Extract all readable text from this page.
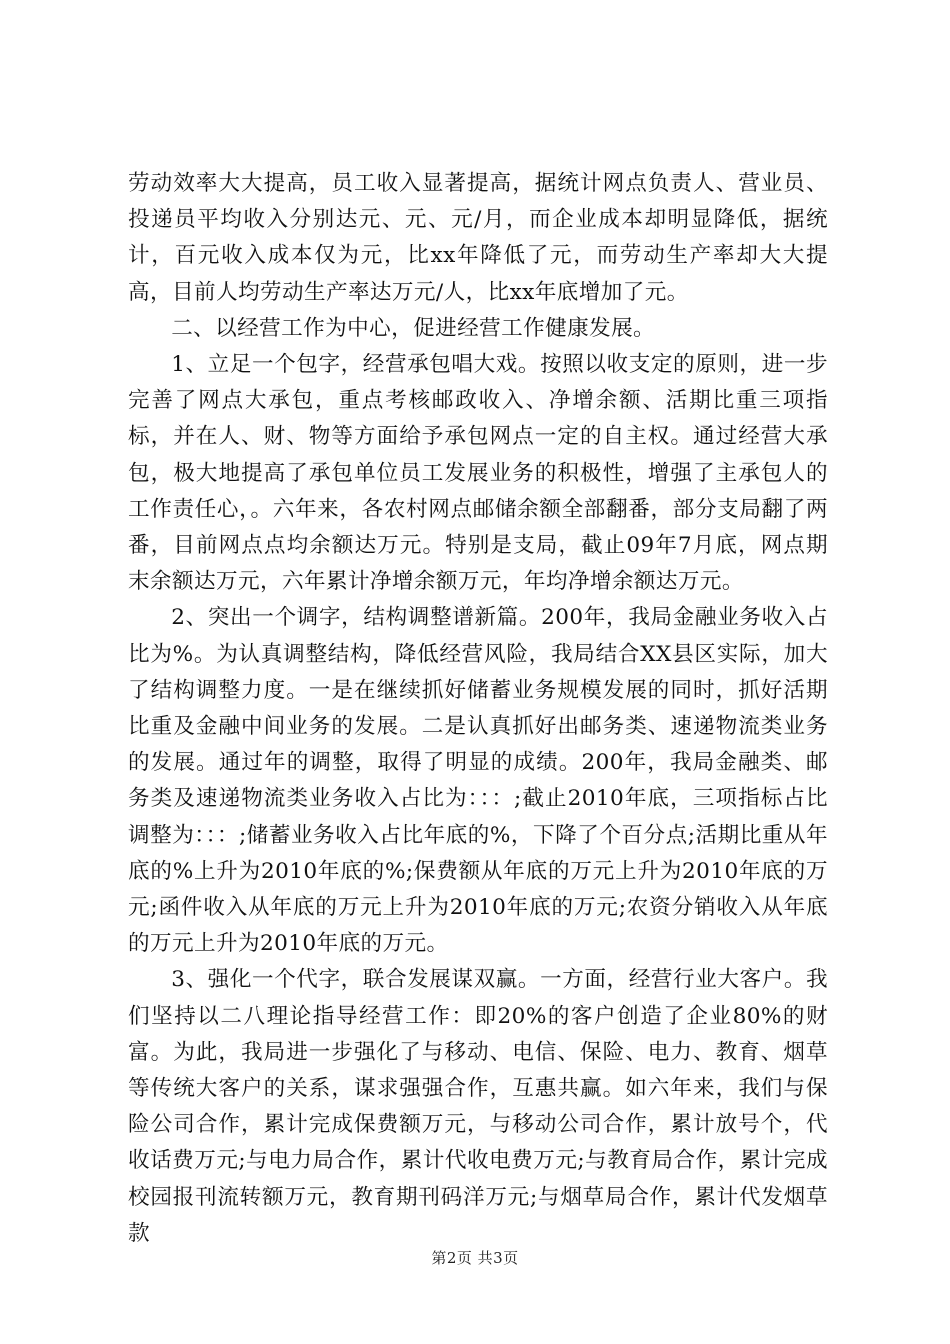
劳动效率大大提高，员工收入显著提高，据统计网点负责人、营业员、投递员平均收入分别达元、元、元/月，而企业成本却明显降低，据统计，百元收入成本仅为元，比xx年降低了元，而劳动生产率却大大提高，目前人均劳动生产率达万元/人，比xx年底增加了元。

二、以经营工作为中心，促进经营工作健康发展。

1、立足一个包字，经营承包唱大戏。按照以收支定的原则，进一步完善了网点大承包，重点考核邮政收入、净增余额、活期比重三项指标，并在人、财、物等方面给予承包网点一定的自主权。通过经营大承包，极大地提高了承包单位员工发展业务的积极性，增强了主承包人的工作责任心，。六年来，各农村网点邮储余额全部翻番，部分支局翻了两番，目前网点点均余额达万元。特别是支局，截止09年7月底，网点期末余额达万元，六年累计净增余额万元，年均净增余额达万元。

2、突出一个调字，结构调整谱新篇。200年，我局金融业务收入占比为%。为认真调整结构，降低经营风险，我局结合XX县区实际，加大了结构调整力度。一是在继续抓好储蓄业务规模发展的同时，抓好活期比重及金融中间业务的发展。二是认真抓好出邮务类、速递物流类业务的发展。通过年的调整，取得了明显的成绩。200年，我局金融类、邮务类及速递物流类业务收入占比为：：：;截止2010年底，三项指标占比调整为：：：;储蓄业务收入占比年底的%，下降了个百分点;活期比重从年底的%上升为2010年底的%;保费额从年底的万元上升为2010年底的万元;函件收入从年底的万元上升为2010年底的万元;农资分销收入从年底的万元上升为2010年底的万元。

3、强化一个代字，联合发展谋双赢。一方面，经营行业大客户。我们坚持以二八理论指导经营工作：即20%的客户创造了企业80%的财富。为此，我局进一步强化了与移动、电信、保险、电力、教育、烟草等传统大客户的关系，谋求强强合作，互惠共赢。如六年来，我们与保险公司合作，累计完成保费额万元，与移动公司合作，累计放号个，代收话费万元;与电力局合作，累计代收电费万元;与教育局合作，累计完成校园报刊流转额万元，教育期刊码洋万元;与烟草局合作，累计代发烟草款

第2页 共3页
